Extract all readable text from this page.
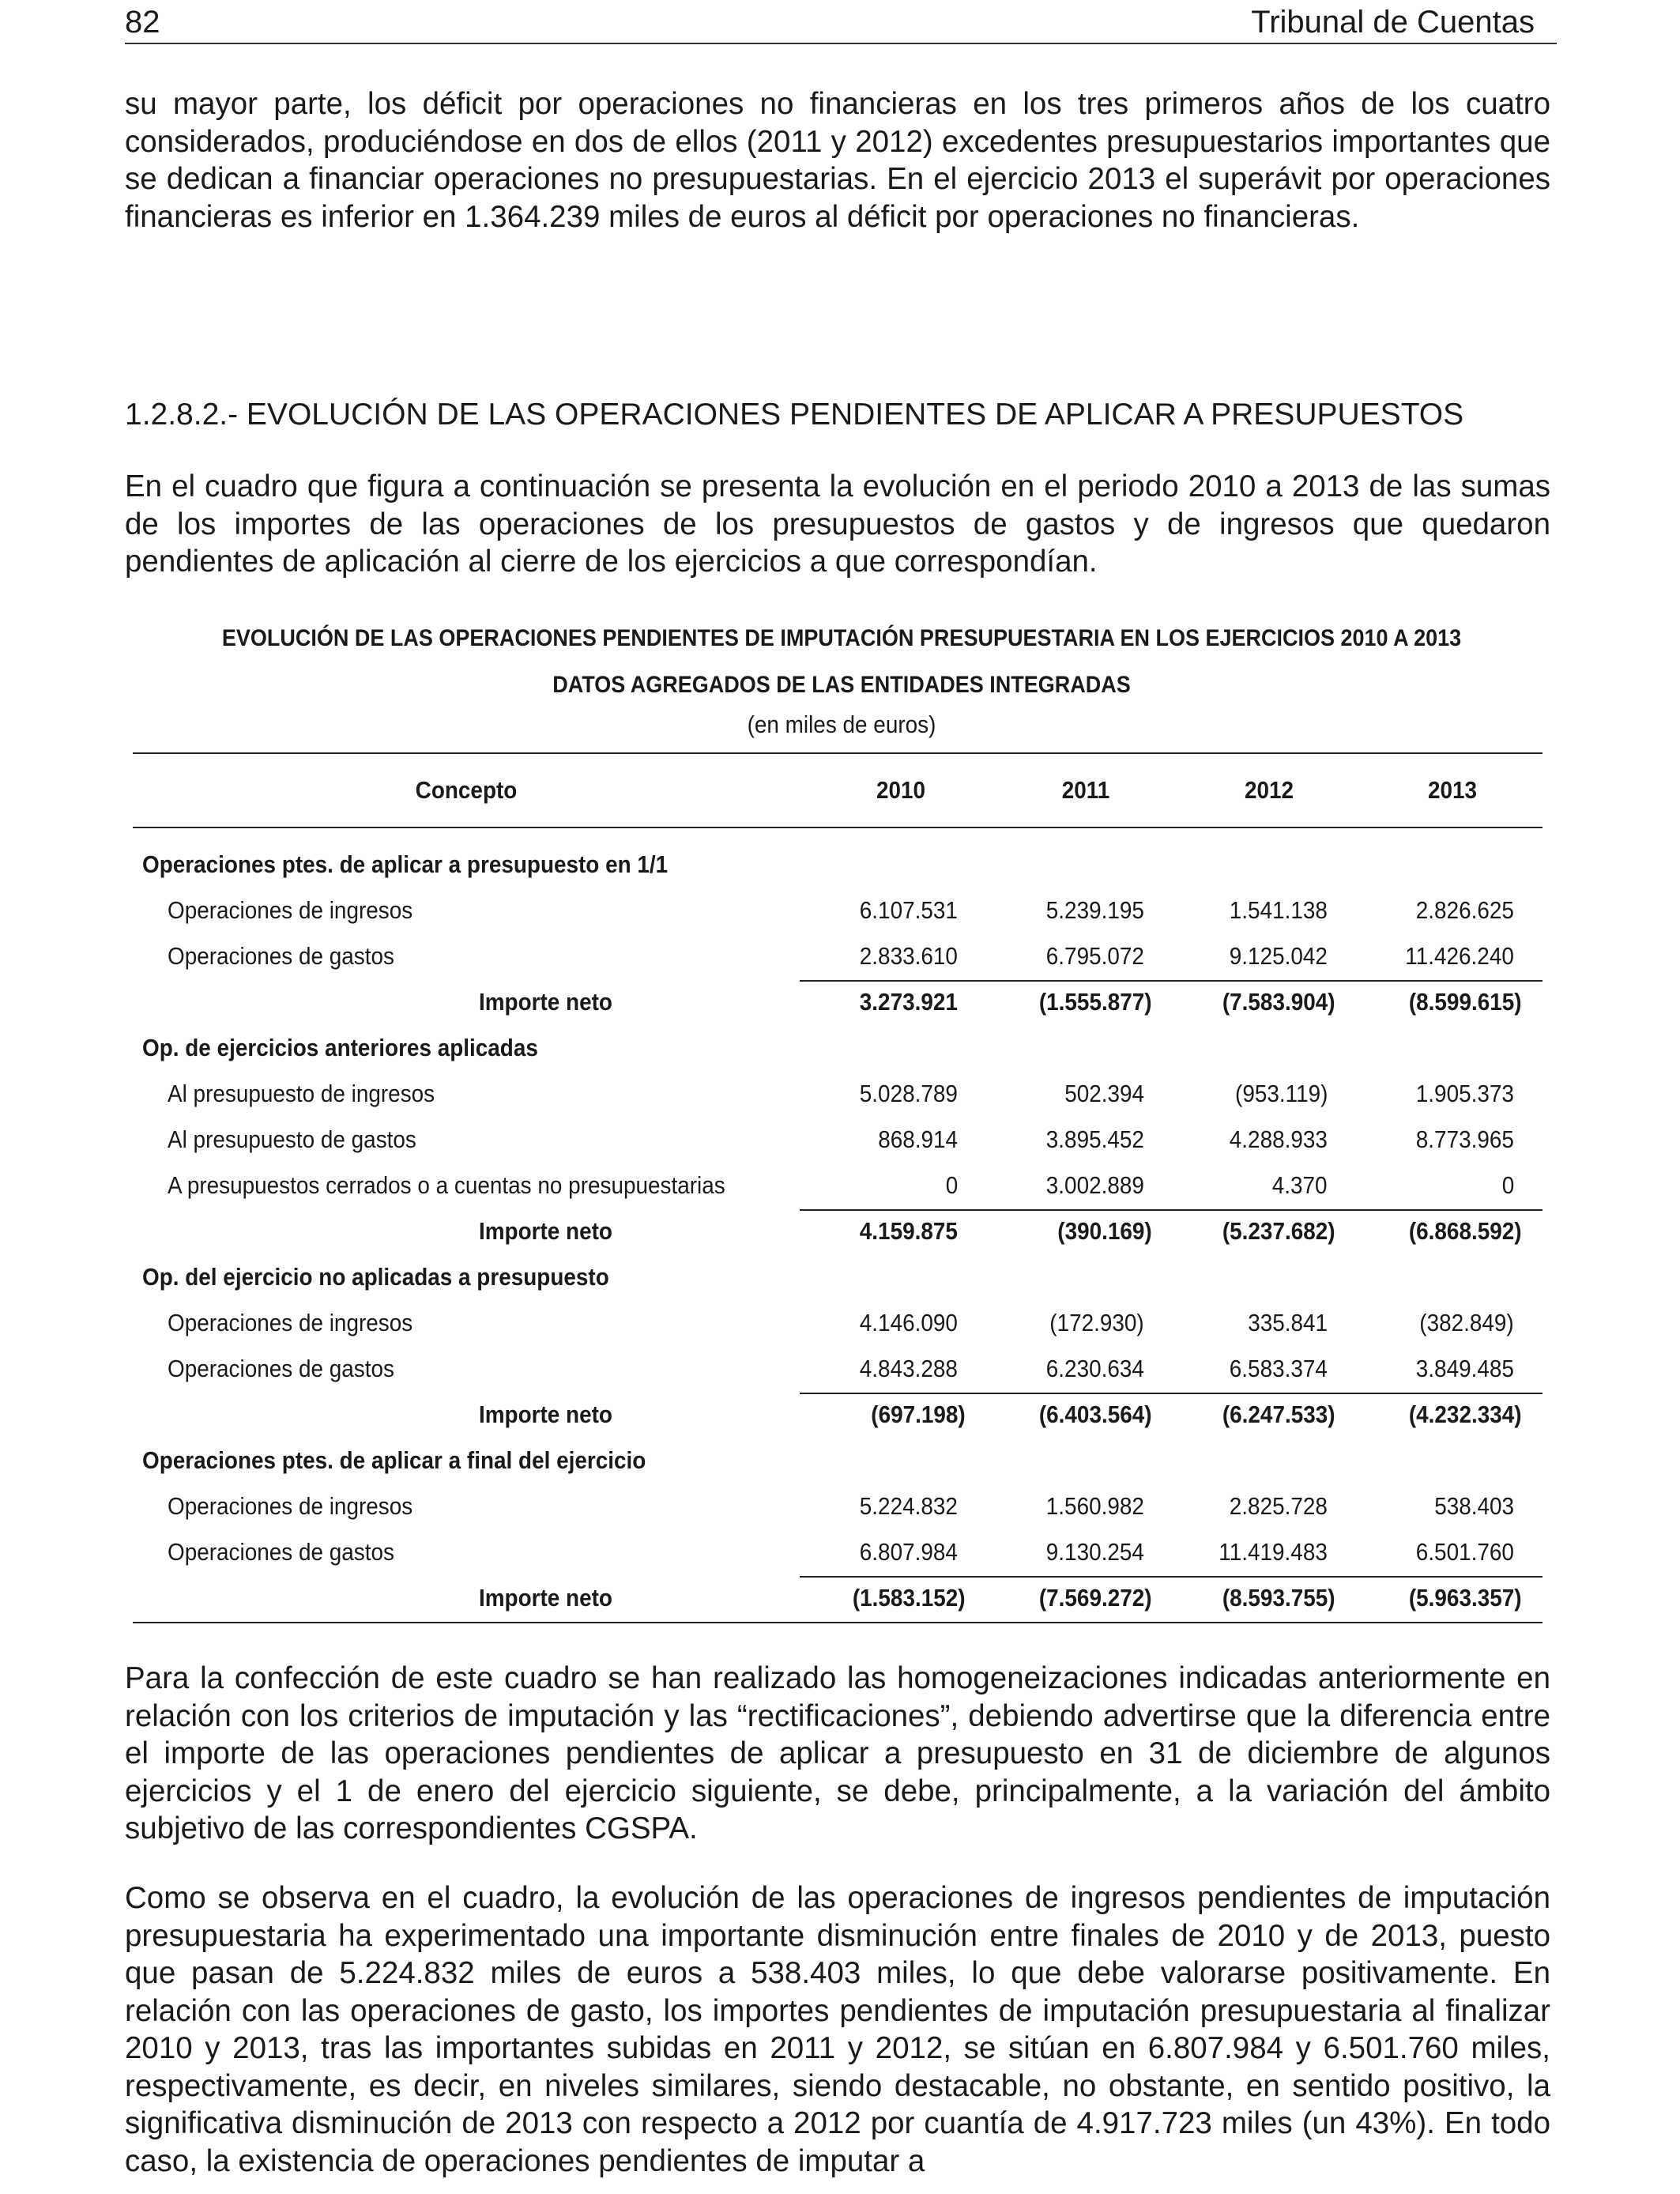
82	Tribunal de Cuentas

su mayor parte, los déficit por operaciones no financieras en los tres primeros años de los cuatro considerados, produciéndose en dos de ellos (2011 y 2012) excedentes presupuestarios importantes que se dedican a financiar operaciones no presupuestarias. En el ejercicio 2013 el superávit por operaciones financieras es inferior en 1.364.239 miles de euros al déficit por operaciones no financieras.

1.2.8.2.- EVOLUCIÓN DE LAS OPERACIONES PENDIENTES DE APLICAR A PRESUPUESTOS

En el cuadro que figura a continuación se presenta la evolución en el periodo 2010 a 2013 de las sumas de los importes de las operaciones de los presupuestos de gastos y de ingresos que quedaron pendientes de aplicación al cierre de los ejercicios a que correspondían.

EVOLUCIÓN DE LAS OPERACIONES PENDIENTES DE IMPUTACIÓN PRESUPUESTARIA EN LOS EJERCICIOS 2010 A 2013
DATOS AGREGADOS DE LAS ENTIDADES INTEGRADAS
(en miles de euros)
Concepto	2010	2011	2012	2013
Operaciones ptes. de aplicar a presupuesto en 1/1
Operaciones de ingresos	6.107.531	5.239.195	1.541.138	2.826.625
Operaciones de gastos	2.833.610	6.795.072	9.125.042	11.426.240
Importe neto	3.273.921	(1.555.877)	(7.583.904)	(8.599.615)
Op. de ejercicios anteriores aplicadas
Al presupuesto de ingresos	5.028.789	502.394	(953.119)	1.905.373
Al presupuesto de gastos	868.914	3.895.452	4.288.933	8.773.965
A presupuestos cerrados o a cuentas no presupuestarias	0	3.002.889	4.370	0
Importe neto	4.159.875	(390.169)	(5.237.682)	(6.868.592)
Op. del ejercicio no aplicadas a presupuesto
Operaciones de ingresos	4.146.090	(172.930)	335.841	(382.849)
Operaciones de gastos	4.843.288	6.230.634	6.583.374	3.849.485
Importe neto	(697.198)	(6.403.564)	(6.247.533)	(4.232.334)
Operaciones ptes. de aplicar a final del ejercicio
Operaciones de ingresos	5.224.832	1.560.982	2.825.728	538.403
Operaciones de gastos	6.807.984	9.130.254	11.419.483	6.501.760
Importe neto	(1.583.152)	(7.569.272)	(8.593.755)	(5.963.357)

Para la confección de este cuadro se han realizado las homogeneizaciones indicadas anteriormente en relación con los criterios de imputación y las “rectificaciones”, debiendo advertirse que la diferencia entre el importe de las operaciones pendientes de aplicar a presupuesto en 31 de diciembre de algunos ejercicios y el 1 de enero del ejercicio siguiente, se debe, principalmente, a la variación del ámbito subjetivo de las correspondientes CGSPA.

Como se observa en el cuadro, la evolución de las operaciones de ingresos pendientes de imputación presupuestaria ha experimentado una importante disminución entre finales de 2010 y de 2013, puesto que pasan de 5.224.832 miles de euros a 538.403 miles, lo que debe valorarse positivamente. En relación con las operaciones de gasto, los importes pendientes de imputación presupuestaria al finalizar 2010 y 2013, tras las importantes subidas en 2011 y 2012, se sitúan en 6.807.984 y 6.501.760 miles, respectivamente, es decir, en niveles similares, siendo destacable, no obstante, en sentido positivo, la significativa disminución de 2013 con respecto a 2012 por cuantía de 4.917.723 miles (un 43%). En todo caso, la existencia de operaciones pendientes de imputar a
